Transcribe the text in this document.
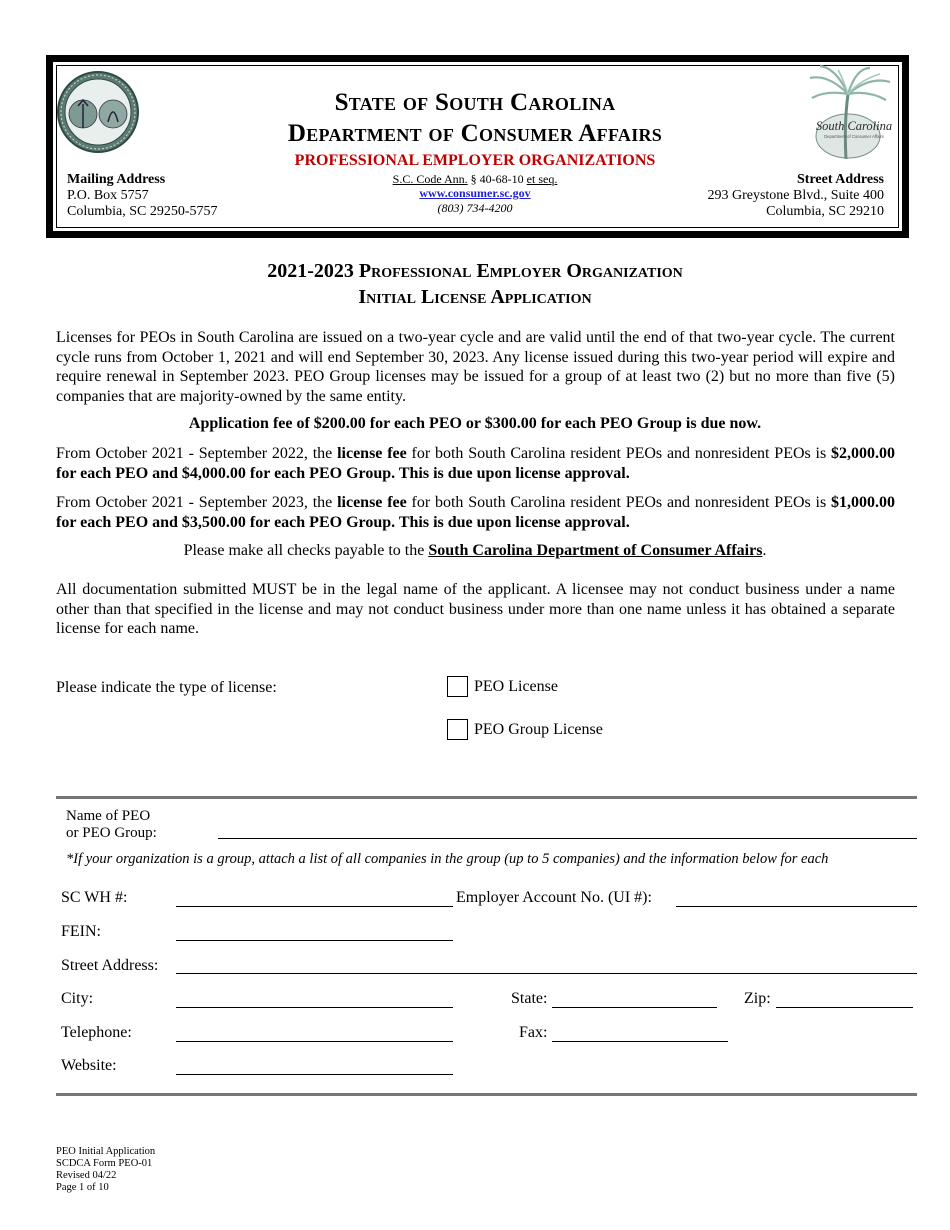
South Carolina
Department of Consumer Affairs
State of South Carolina
Department of Consumer Affairs
PROFESSIONAL EMPLOYER ORGANIZATIONS
S.C. Code Ann. § 40-68-10 et seq.
www.consumer.sc.gov
(803) 734-4200
Mailing Address
P.O. Box 5757
Columbia, SC 29250-5757
Street Address
293 Greystone Blvd., Suite 400
Columbia, SC 29210
2021-2023 Professional Employer Organization
Initial License Application
Licenses for PEOs in South Carolina are issued on a two-year cycle and are valid until the end of that two-year cycle. The current cycle runs from October 1, 2021 and will end September 30, 2023. Any license issued during this two-year period will expire and require renewal in September 2023. PEO Group licenses may be issued for a group of at least two (2) but no more than five (5) companies that are majority-owned by the same entity.
Application fee of $200.00 for each PEO or $300.00 for each PEO Group is due now.
From October 2021 - September 2022, the license fee for both South Carolina resident PEOs and nonresident PEOs is $2,000.00 for each PEO and $4,000.00 for each PEO Group. This is due upon license approval.
From October 2021 - September 2023, the license fee for both South Carolina resident PEOs and nonresident PEOs is $1,000.00 for each PEO and $3,500.00 for each PEO Group. This is due upon license approval.
Please make all checks payable to the South Carolina Department of Consumer Affairs.
All documentation submitted MUST be in the legal name of the applicant. A licensee may not conduct business under a name other than that specified in the license and may not conduct business under more than one name unless it has obtained a separate license for each name.
Please indicate the type of license:	PEO License
PEO Group License
Name of PEO
or PEO Group:
*If your organization is a group, attach a list of all companies in the group (up to 5 companies) and the information below for each
SC WH #:	Employer Account No. (UI #):
FEIN:
Street Address:
City:	State:	Zip:
Telephone:	Fax:
Website:
PEO Initial Application
SCDCA Form PEO-01
Revised 04/22
Page 1 of 10
